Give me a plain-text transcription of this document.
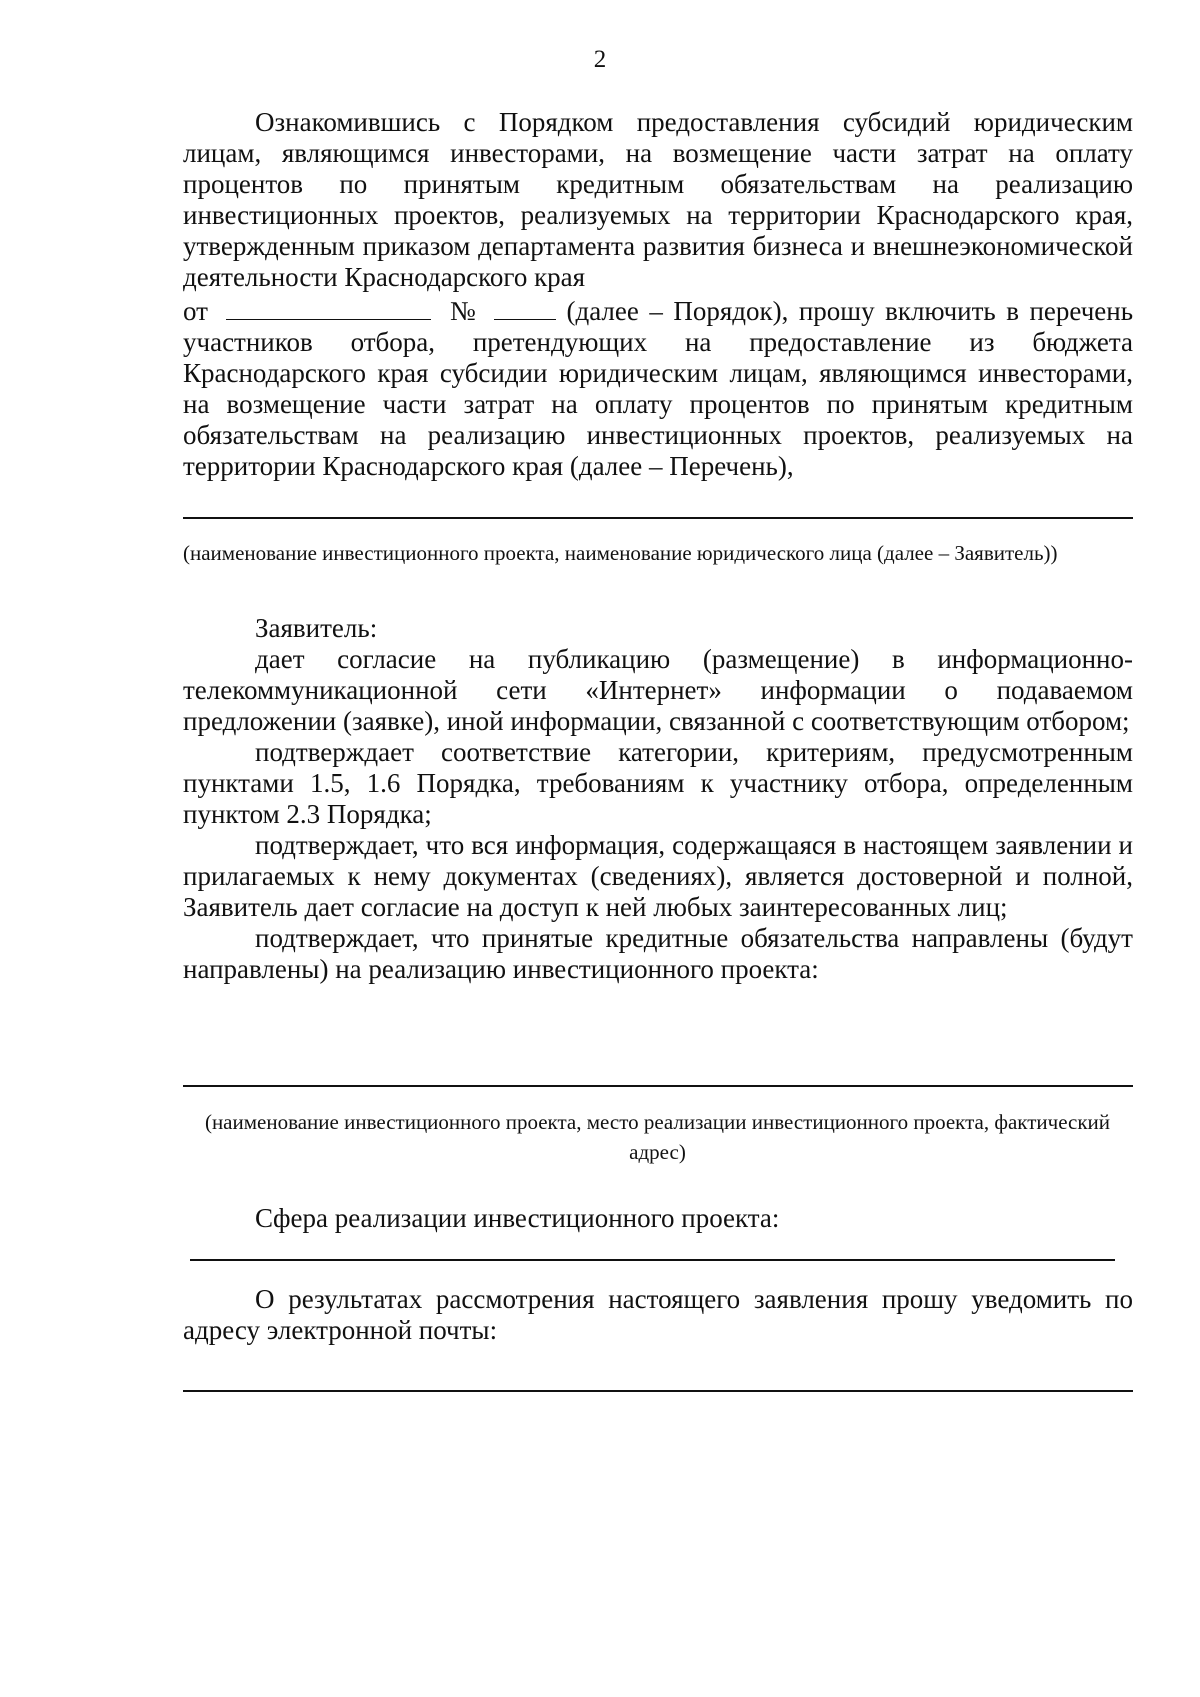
2

Ознакомившись с Порядком предоставления субсидий юридическим лицам, являющимся инвесторами, на возмещение части затрат на оплату процентов по принятым кредитным обязательствам на реализацию инвестиционных проектов, реализуемых на территории Краснодарского края, утвержденным приказом департамента развития бизнеса и внешнеэкономической деятельности Краснодарского края

от	№	(далее – Порядок), прошу включить в перечень участников отбора, претендующих на предоставление из бюджета Краснодарского края субсидии юридическим лицам, являющимся инвесторами, на возмещение части затрат на оплату процентов по принятым кредитным обязательствам на реализацию инвестиционных проектов, реализуемых на территории Краснодарского края (далее – Перечень),

(наименование инвестиционного проекта, наименование юридического лица (далее – Заявитель))

Заявитель:

дает согласие на публикацию (размещение) в информационно-телекоммуникационной сети «Интернет» информации о подаваемом предложении (заявке), иной информации, связанной с соответствующим отбором;

подтверждает соответствие категории, критериям, предусмотренным пунктами 1.5, 1.6 Порядка, требованиям к участнику отбора, определенным пунктом 2.3 Порядка;

подтверждает, что вся информация, содержащаяся в настоящем заявлении и прилагаемых к нему документах (сведениях), является достоверной и полной, Заявитель дает согласие на доступ к ней любых заинтересованных лиц;

подтверждает, что принятые кредитные обязательства направлены (будут направлены) на реализацию инвестиционного проекта:

(наименование инвестиционного проекта, место реализации инвестиционного проекта, фактический адрес)
Сфера реализации инвестиционного проекта:
О результатах рассмотрения настоящего заявления прошу уведомить по адресу электронной почты:
